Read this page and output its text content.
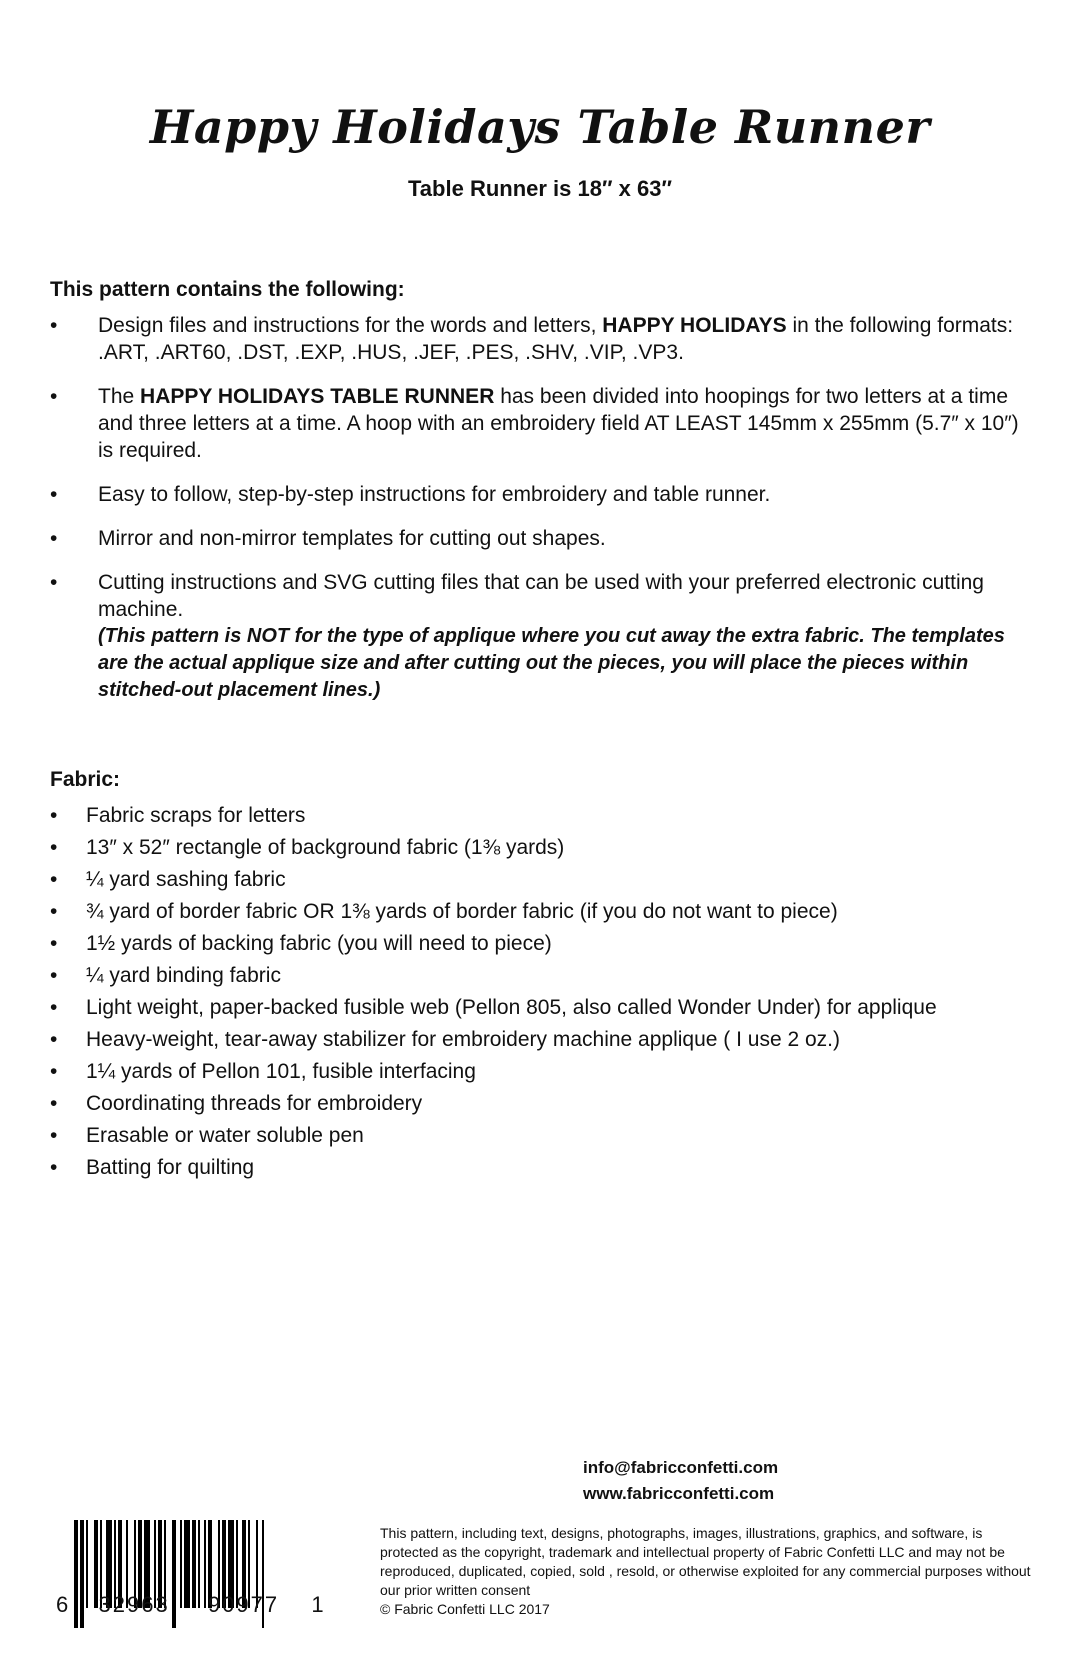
Happy Holidays Table Runner
Table Runner is 18″ x 63″
This pattern contains the following:
• Design files and instructions for the words and letters, HAPPY HOLIDAYS in the following formats: .ART, .ART60, .DST, .EXP, .HUS, .JEF, .PES, .SHV, .VIP, .VP3.
• The HAPPY HOLIDAYS TABLE RUNNER has been divided into hoopings for two letters at a time and three letters at a time. A hoop with an embroidery field AT LEAST 145mm x 255mm (5.7″ x 10″) is required.
• Easy to follow, step-by-step instructions for embroidery and table runner.
• Mirror and non-mirror templates for cutting out shapes.
• Cutting instructions and SVG cutting files that can be used with your preferred electronic cutting machine.
(This pattern is NOT for the type of applique where you cut away the extra fabric. The templates are the actual applique size and after cutting out the pieces, you will place the pieces within stitched-out placement lines.)
Fabric:
• Fabric scraps for letters
• 13″ x 52″ rectangle of background fabric (1⅜ yards)
• ¼ yard sashing fabric
• ¾ yard of border fabric OR 1⅜ yards of border fabric (if you do not want to piece)
• 1½ yards of backing fabric (you will need to piece)
• ¼ yard binding fabric
• Light weight, paper-backed fusible web (Pellon 805, also called Wonder Under) for applique
• Heavy-weight, tear-away stabilizer for embroidery machine applique ( I use 2 oz.)
• 1¼ yards of Pellon 101, fusible interfacing
• Coordinating threads for embroidery
• Erasable or water soluble pen
• Batting for quilting
info@fabricconfetti.com
www.fabricconfetti.com
This pattern, including text, designs, photographs, images, illustrations, graphics, and software, is protected as the copyright, trademark and intellectual property of Fabric Confetti LLC and may not be reproduced, duplicated, copied, sold , resold, or otherwise exploited for any commercial purposes without our prior written consent
© Fabric Confetti LLC 2017
6 32963 90977 1
